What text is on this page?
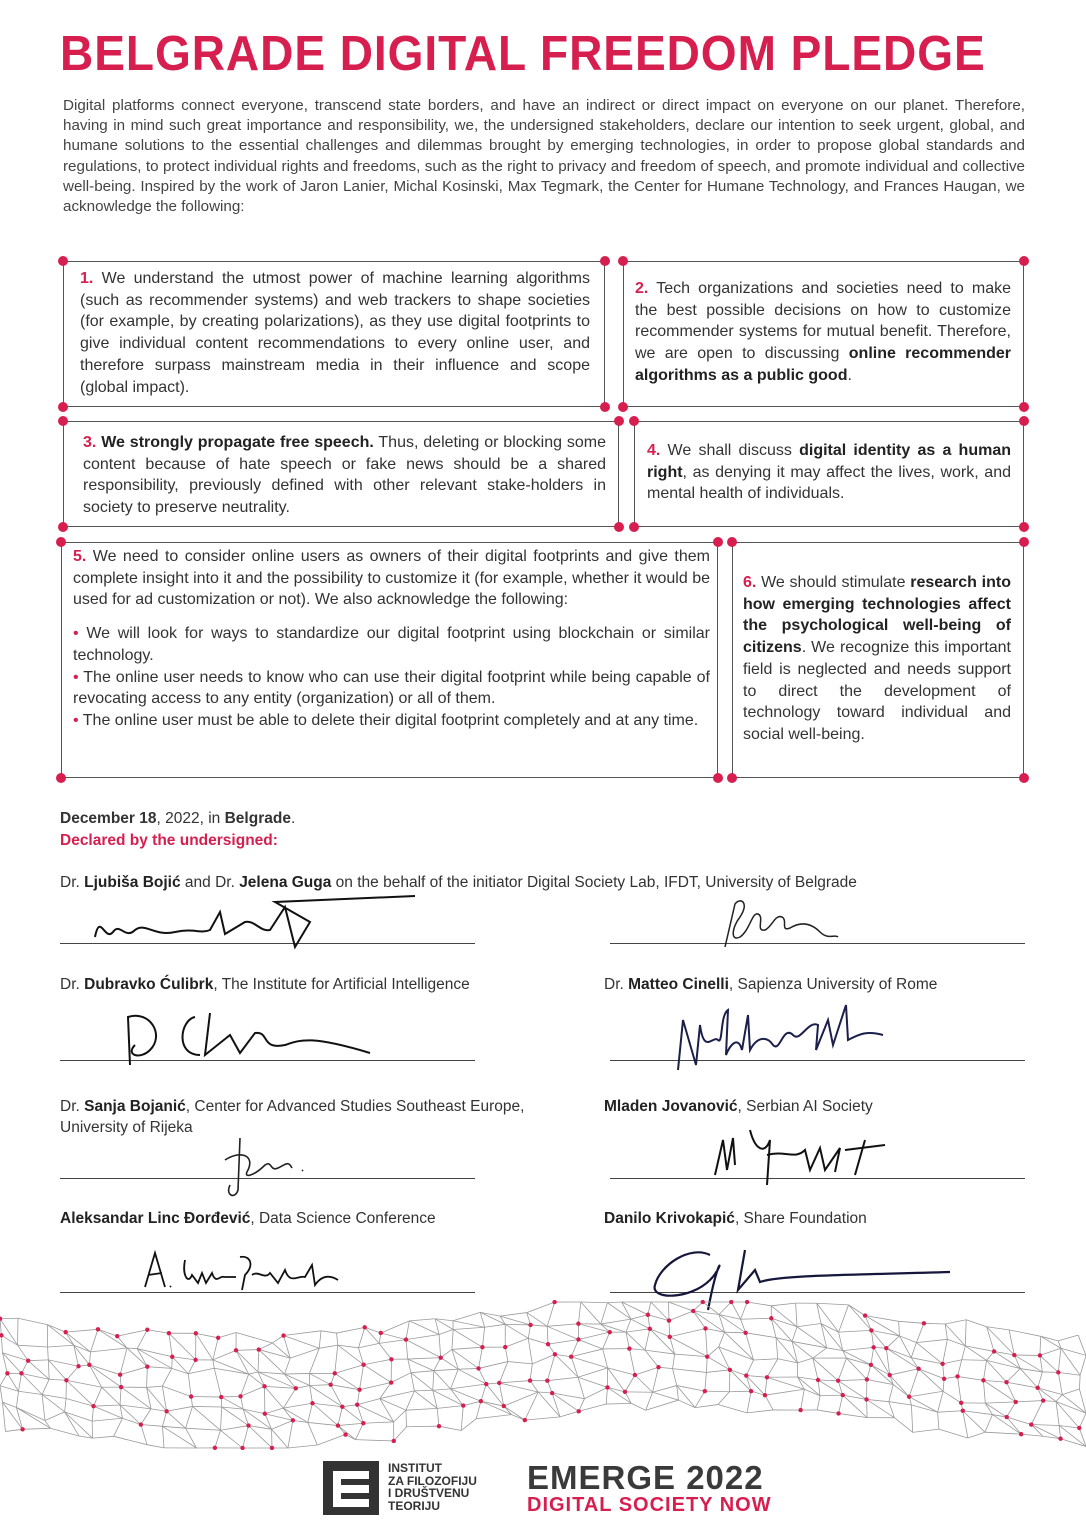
BELGRADE DIGITAL FREEDOM PLEDGE
Digital platforms connect everyone, transcend state borders, and have an indirect or direct impact on everyone on our planet. Therefore, having in mind such great importance and responsibility, we, the undersigned stakeholders, declare our intention to seek urgent, global, and humane solutions to the essential challenges and dilemmas brought by emerging technologies, in order to propose global standards and regulations, to protect individual rights and freedoms, such as the right to privacy and freedom of speech, and promote individual and collective well-being. Inspired by the work of Jaron Lanier, Michal Kosinski, Max Tegmark, the Center for Humane Technology, and Frances Haugan, we acknowledge the following:
1. We understand the utmost power of machine learning algorithms (such as recommender systems) and web trackers to shape societies (for example, by creating polarizations), as they use digital footprints to give individual content recommendations to every online user, and therefore surpass mainstream media in their influence and scope (global impact).
2. Tech organizations and societies need to make the best possible decisions on how to customize recommender systems for mutual benefit. Therefore, we are open to discussing online recommender algorithms as a public good.
3. We strongly propagate free speech. Thus, deleting or blocking some content because of hate speech or fake news should be a shared responsibility, previously defined with other relevant stake-holders in society to preserve neutrality.
4. We shall discuss digital identity as a human right, as denying it may affect the lives, work, and mental health of individuals.
5. We need to consider online users as owners of their digital footprints and give them complete insight into it and the possibility to customize it (for example, whether it would be used for ad customization or not). We also acknowledge the following:
• We will look for ways to standardize our digital footprint using blockchain or similar technology.
• The online user needs to know who can use their digital footprint while being capable of revocating access to any entity (organization) or all of them.
• The online user must be able to delete their digital footprint completely and at any time.
6. We should stimulate research into how emerging technologies affect the psychological well-being of citizens. We recognize this important field is neglected and needs support to direct the development of technology toward individual and social well-being.
December 18, 2022, in Belgrade.
Declared by the undersigned:
Dr. Ljubiša Bojić and Dr. Jelena Guga on the behalf of the initiator Digital Society Lab, IFDT, University of Belgrade
Dr. Dubravko Ćulibrk, The Institute for Artificial Intelligence	Dr. Matteo Cinelli, Sapienza University of Rome
Dr. Sanja Bojanić, Center for Advanced Studies Southeast Europe, University of Rijeka
Mladen Jovanović, Serbian AI Society
Aleksandar Linc Đorđević, Data Science Conference	Danilo Krivokapić, Share Foundation
INSTITUT
ZA FILOZOFIJU
I DRUŠTVENU
TEORIJU
EMERGE 2022
DIGITAL SOCIETY NOW
